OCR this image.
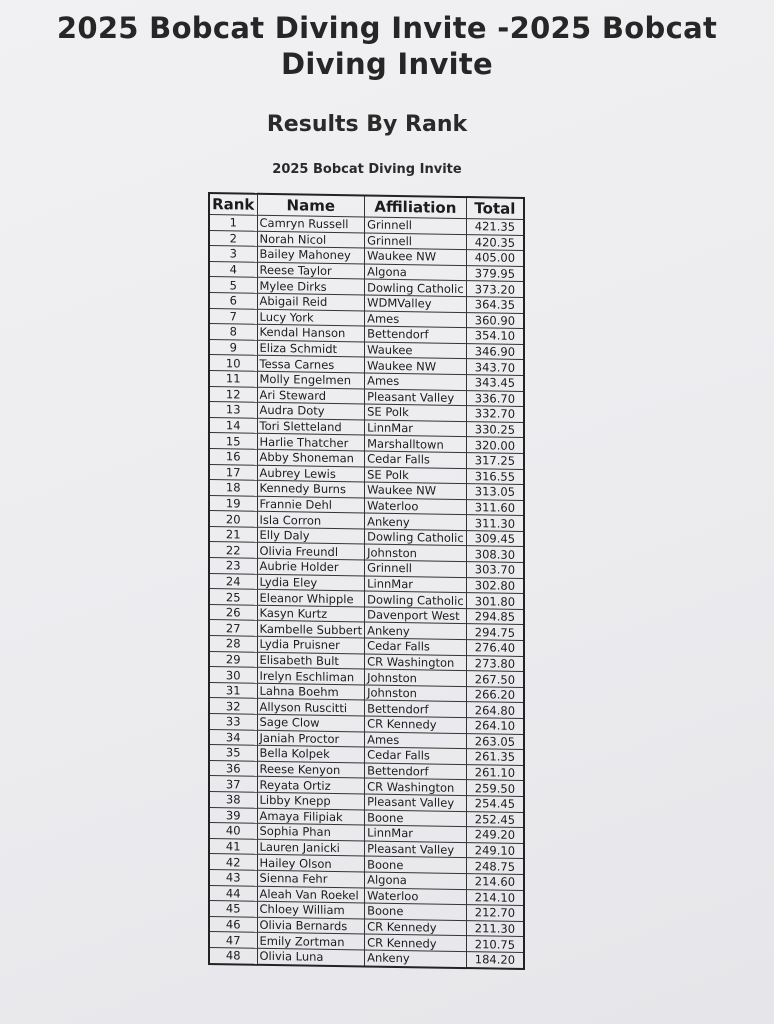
2025 Bobcat Diving Invite -2025 Bobcat Diving Invite
Results By Rank
2025 Bobcat Diving Invite
Rank	Name	Affiliation	Total
1	Camryn Russell	Grinnell	421.35
2	Norah Nicol	Grinnell	420.35
3	Bailey Mahoney	Waukee NW	405.00
4	Reese Taylor	Algona	379.95
5	Mylee Dirks	Dowling Catholic	373.20
6	Abigail Reid	WDMValley	364.35
7	Lucy York	Ames	360.90
8	Kendal Hanson	Bettendorf	354.10
9	Eliza Schmidt	Waukee	346.90
10	Tessa Carnes	Waukee NW	343.70
11	Molly Engelmen	Ames	343.45
12	Ari Steward	Pleasant Valley	336.70
13	Audra Doty	SE Polk	332.70
14	Tori Sletteland	LinnMar	330.25
15	Harlie Thatcher	Marshalltown	320.00
16	Abby Shoneman	Cedar Falls	317.25
17	Aubrey Lewis	SE Polk	316.55
18	Kennedy Burns	Waukee NW	313.05
19	Frannie Dehl	Waterloo	311.60
20	Isla Corron	Ankeny	311.30
21	Elly Daly	Dowling Catholic	309.45
22	Olivia Freundl	Johnston	308.30
23	Aubrie Holder	Grinnell	303.70
24	Lydia Eley	LinnMar	302.80
25	Eleanor Whipple	Dowling Catholic	301.80
26	Kasyn Kurtz	Davenport West	294.85
27	Kambelle Subbert	Ankeny	294.75
28	Lydia Pruisner	Cedar Falls	276.40
29	Elisabeth Bult	CR Washington	273.80
30	Irelyn Eschliman	Johnston	267.50
31	Lahna Boehm	Johnston	266.20
32	Allyson Ruscitti	Bettendorf	264.80
33	Sage Clow	CR Kennedy	264.10
34	Janiah Proctor	Ames	263.05
35	Bella Kolpek	Cedar Falls	261.35
36	Reese Kenyon	Bettendorf	261.10
37	Reyata Ortiz	CR Washington	259.50
38	Libby Knepp	Pleasant Valley	254.45
39	Amaya Filipiak	Boone	252.45
40	Sophia Phan	LinnMar	249.20
41	Lauren Janicki	Pleasant Valley	249.10
42	Hailey Olson	Boone	248.75
43	Sienna Fehr	Algona	214.60
44	Aleah Van Roekel	Waterloo	214.10
45	Chloey William	Boone	212.70
46	Olivia Bernards	CR Kennedy	211.30
47	Emily Zortman	CR Kennedy	210.75
48	Olivia Luna	Ankeny	184.20
